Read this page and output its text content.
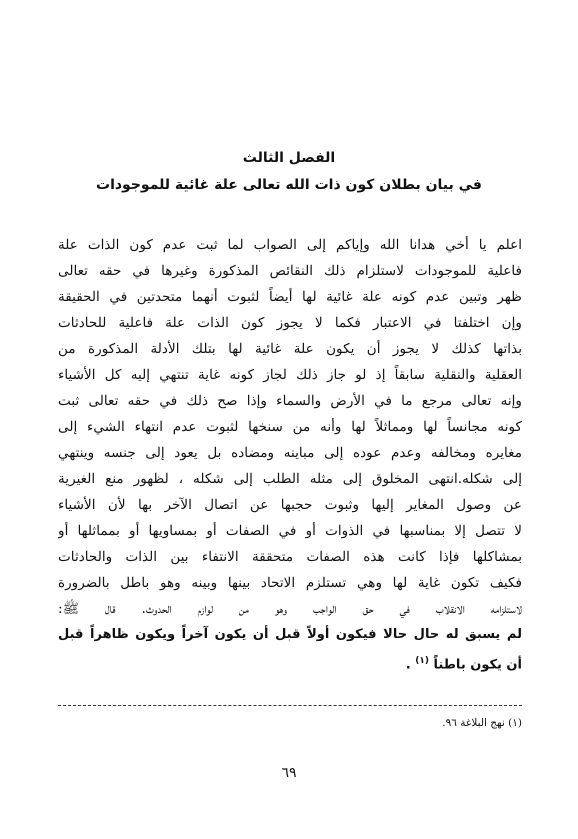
الفصل الثالث
في بيان بطلان كون ذات الله تعالى علة غائية للموجودات
اعلم يا أخي هدانا الله وإياكم إلى الصواب لما ثبت عدم كون الذات علة
فاعلية للموجودات لاستلزام ذلك النقائص المذكورة وغيرها في حقه تعالى
ظهر وتبين عدم كونه علة غائية لها أيضاً لثبوت أنهما متحدتين في الحقيقة
وإن اختلفتا في الاعتبار فكما لا يجوز كون الذات علة فاعلية للحادثات
بذاتها كذلك لا يجوز أن يكون علة غائية لها بتلك الأدلة المذكورة من
العقلية والنقلية سابقاً إذ لو جاز ذلك لجاز كونه غاية تنتهي إليه كل الأشياء
وإنه تعالى مرجع ما في الأرض والسماء وإذا صح ذلك في حقه تعالى ثبت
كونه مجانساً لها ومماثلاً لها وأنه من سنخها لثبوت عدم انتهاء الشيء إلى
مغايره ومخالفه وعدم عوده إلى مباينه ومضاده بل يعود إلى جنسه وينتهي
إلى شكله.انتهى المخلوق إلى مثله الطلب إلى شكله ، لظهور منع الغيرية
عن وصول المغاير إليها وثبوت حجبها عن اتصال الآخر بها لأن الأشياء
لا تتصل إلا بمناسبها في الذوات أو في الصفات أو بمساويها أو بمماثلها أو
بمشاكلها فإذا كانت هذه الصفات متحققة الانتفاء بين الذات والحادثات
فكيف تكون غاية لها وهي تستلزم الاتحاد بينها وبينه وهو باطل بالضرورة
لاستلزامه الانقلاب في حق الواجب وهو من لوازم الحدوث. قال ﷺ:
لم يسبق له حال حالا فيكون أولاً قبل أن يكون آخراً ويكون ظاهراً قبل
أن يكون باطناً $^{(١)}$ .
(١) نهج البلاغة ٩٦.
٦٩
